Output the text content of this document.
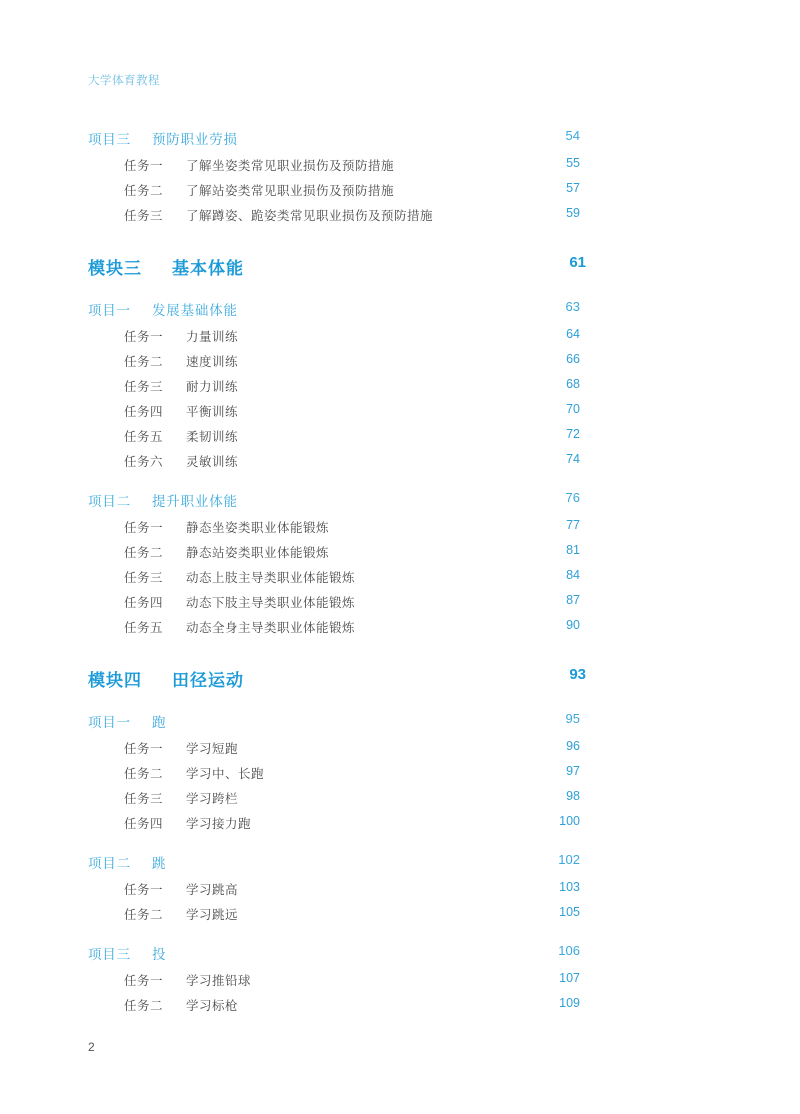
大学体育教程
项目三	预防职业劳损	54
任务一	了解坐姿类常见职业损伤及预防措施	55
任务二	了解站姿类常见职业损伤及预防措施	57
任务三	了解蹲姿、跪姿类常见职业损伤及预防措施	59
模块三	基本体能	61
项目一	发展基础体能	63
任务一	力量训练	64
任务二	速度训练	66
任务三	耐力训练	68
任务四	平衡训练	70
任务五	柔韧训练	72
任务六	灵敏训练	74
项目二	提升职业体能	76
任务一	静态坐姿类职业体能锻炼	77
任务二	静态站姿类职业体能锻炼	81
任务三	动态上肢主导类职业体能锻炼	84
任务四	动态下肢主导类职业体能锻炼	87
任务五	动态全身主导类职业体能锻炼	90
模块四	田径运动	93
项目一	跑	95
任务一	学习短跑	96
任务二	学习中、长跑	97
任务三	学习跨栏	98
任务四	学习接力跑	100
项目二	跳	102
任务一	学习跳高	103
任务二	学习跳远	105
项目三	投	106
任务一	学习推铅球	107
任务二	学习标枪	109
2
